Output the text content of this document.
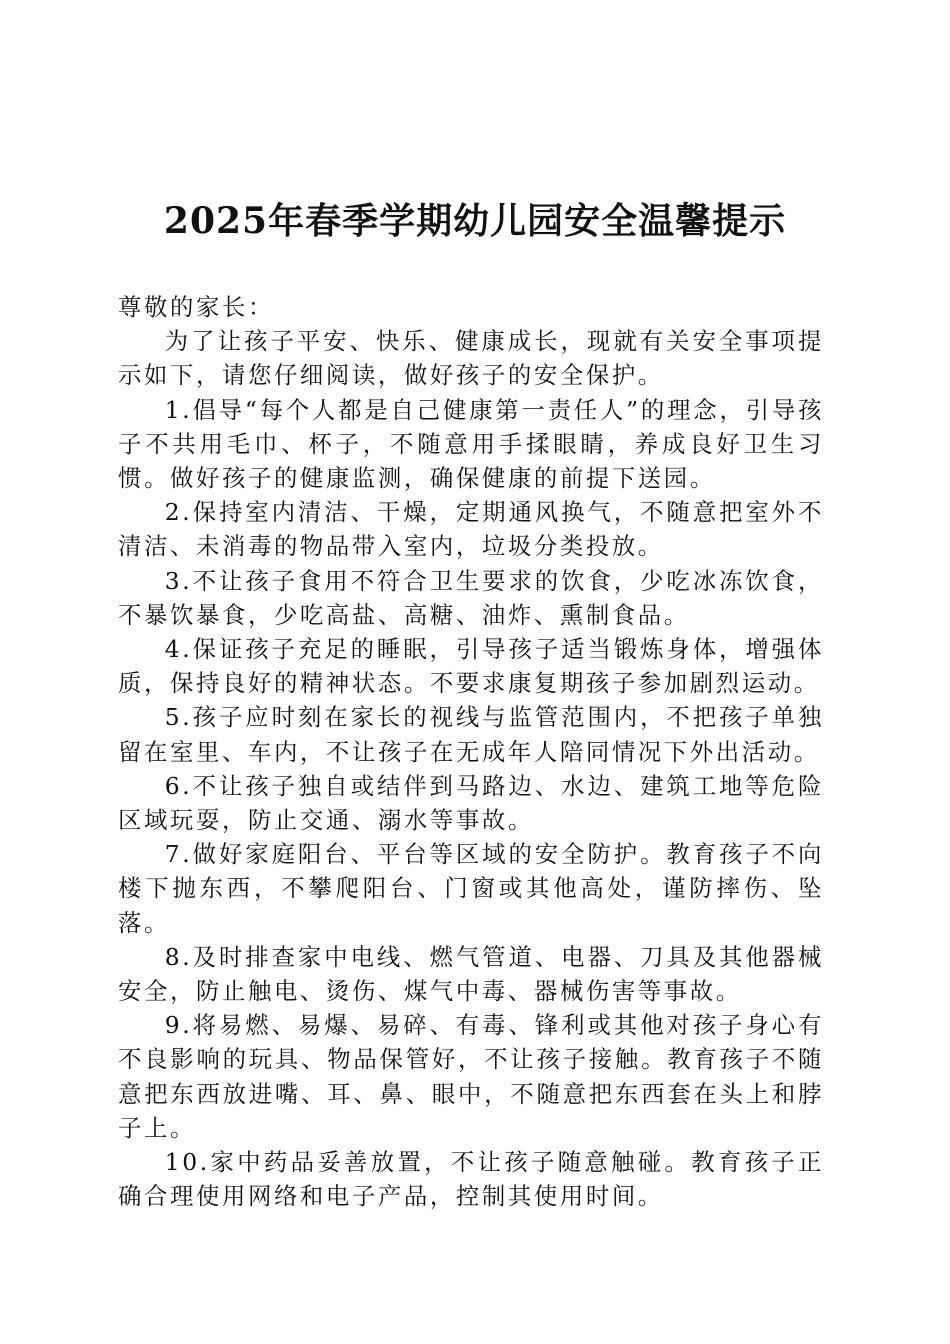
2025年春季学期幼儿园安全温馨提示

尊敬的家长：

为了让孩子平安、快乐、健康成长，现就有关安全事项提示如下，请您仔细阅读，做好孩子的安全保护。

1.倡导“每个人都是自己健康第一责任人”的理念，引导孩子不共用毛巾、杯子，不随意用手揉眼睛，养成良好卫生习惯。做好孩子的健康监测，确保健康的前提下送园。

2.保持室内清洁、干燥，定期通风换气，不随意把室外不清洁、未消毒的物品带入室内，垃圾分类投放。

3.不让孩子食用不符合卫生要求的饮食，少吃冰冻饮食，不暴饮暴食，少吃高盐、高糖、油炸、熏制食品。

4.保证孩子充足的睡眠，引导孩子适当锻炼身体，增强体质，保持良好的精神状态。不要求康复期孩子参加剧烈运动。

5.孩子应时刻在家长的视线与监管范围内，不把孩子单独留在室里、车内，不让孩子在无成年人陪同情况下外出活动。

6.不让孩子独自或结伴到马路边、水边、建筑工地等危险区域玩耍，防止交通、溺水等事故。

7.做好家庭阳台、平台等区域的安全防护。教育孩子不向楼下抛东西，不攀爬阳台、门窗或其他高处，谨防摔伤、坠落。

8.及时排查家中电线、燃气管道、电器、刀具及其他器械安全，防止触电、烫伤、煤气中毒、器械伤害等事故。

9.将易燃、易爆、易碎、有毒、锋利或其他对孩子身心有不良影响的玩具、物品保管好，不让孩子接触。教育孩子不随意把东西放进嘴、耳、鼻、眼中，不随意把东西套在头上和脖子上。

10.家中药品妥善放置，不让孩子随意触碰。教育孩子正确合理使用网络和电子产品，控制其使用时间。
